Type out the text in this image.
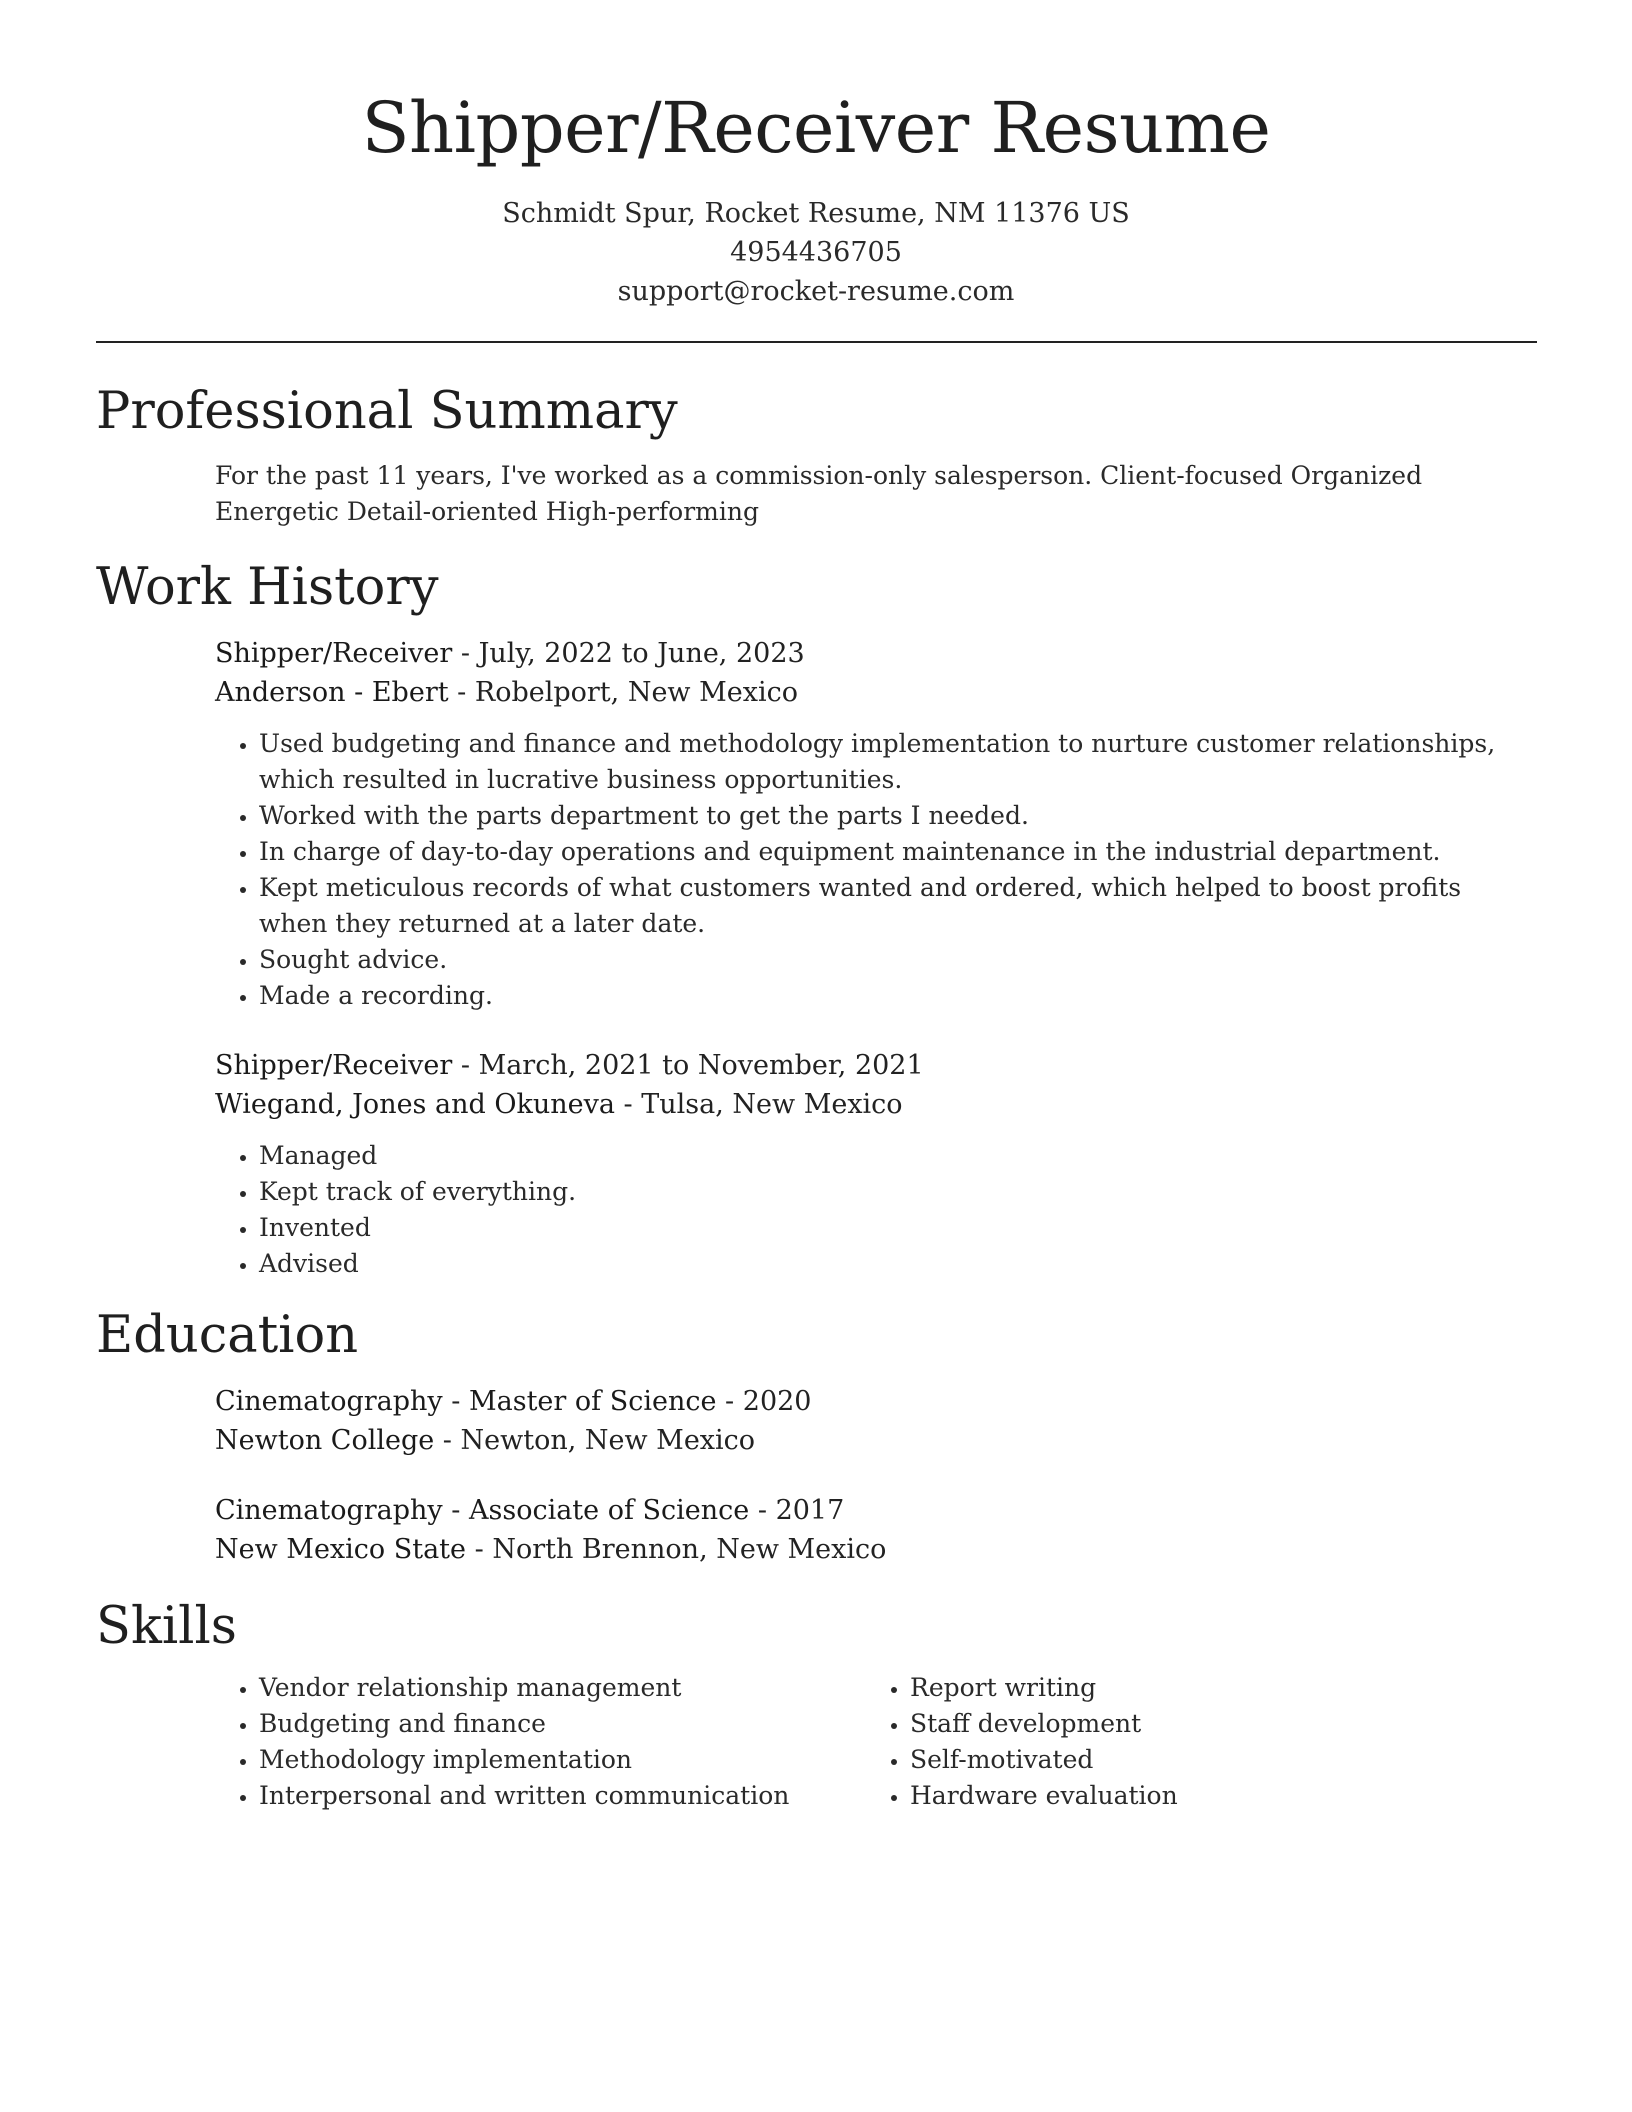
Shipper/Receiver Resume
Schmidt Spur, Rocket Resume, NM 11376 US
4954436705
support@rocket-resume.com
Professional Summary
For the past 11 years, I've worked as a commission-only salesperson. Client-focused Organized Energetic Detail-oriented High-performing
Work History
Shipper/Receiver - July, 2022 to June, 2023
Anderson - Ebert - Robelport, New Mexico
• Used budgeting and finance and methodology implementation to nurture customer relationships, which resulted in lucrative business opportunities.
• Worked with the parts department to get the parts I needed.
• In charge of day-to-day operations and equipment maintenance in the industrial department.
• Kept meticulous records of what customers wanted and ordered, which helped to boost profits when they returned at a later date.
• Sought advice.
• Made a recording.
Shipper/Receiver - March, 2021 to November, 2021
Wiegand, Jones and Okuneva - Tulsa, New Mexico
• Managed
• Kept track of everything.
• Invented
• Advised
Education
Cinematography - Master of Science - 2020
Newton College - Newton, New Mexico
Cinematography - Associate of Science - 2017
New Mexico State - North Brennon, New Mexico
Skills
• Vendor relationship management
• Budgeting and finance
• Methodology implementation
• Interpersonal and written communication
• Report writing
• Staff development
• Self-motivated
• Hardware evaluation
